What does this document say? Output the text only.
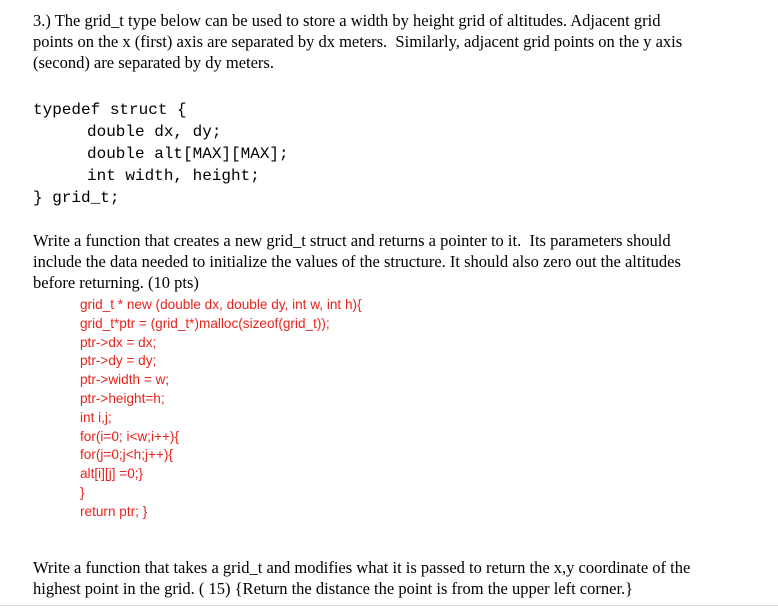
3.) The grid_t type below can be used to store a width by height grid of altitudes. Adjacent grid
points on the x (first) axis are separated by dx meters.  Similarly, adjacent grid points on the y axis
(second) are separated by dy meters.
typedef struct {
double dx, dy;
double alt[MAX][MAX];
int width, height;
} grid_t;
Write a function that creates a new grid_t struct and returns a pointer to it.  Its parameters should
include the data needed to initialize the values of the structure. It should also zero out the altitudes
before returning. (10 pts)
grid_t * new (double dx, double dy, int w, int h){
grid_t*ptr = (grid_t*)malloc(sizeof(grid_t));
ptr->dx = dx;
ptr->dy = dy;
ptr->width = w;
ptr->height=h;
int i,j;
for(i=0; i<w;i++){
for(j=0;j<h;j++){
alt[i][j] =0;}
}
return ptr; }
Write a function that takes a grid_t and modifies what it is passed to return the x,y coordinate of the
highest point in the grid. ( 15) {Return the distance the point is from the upper left corner.}
